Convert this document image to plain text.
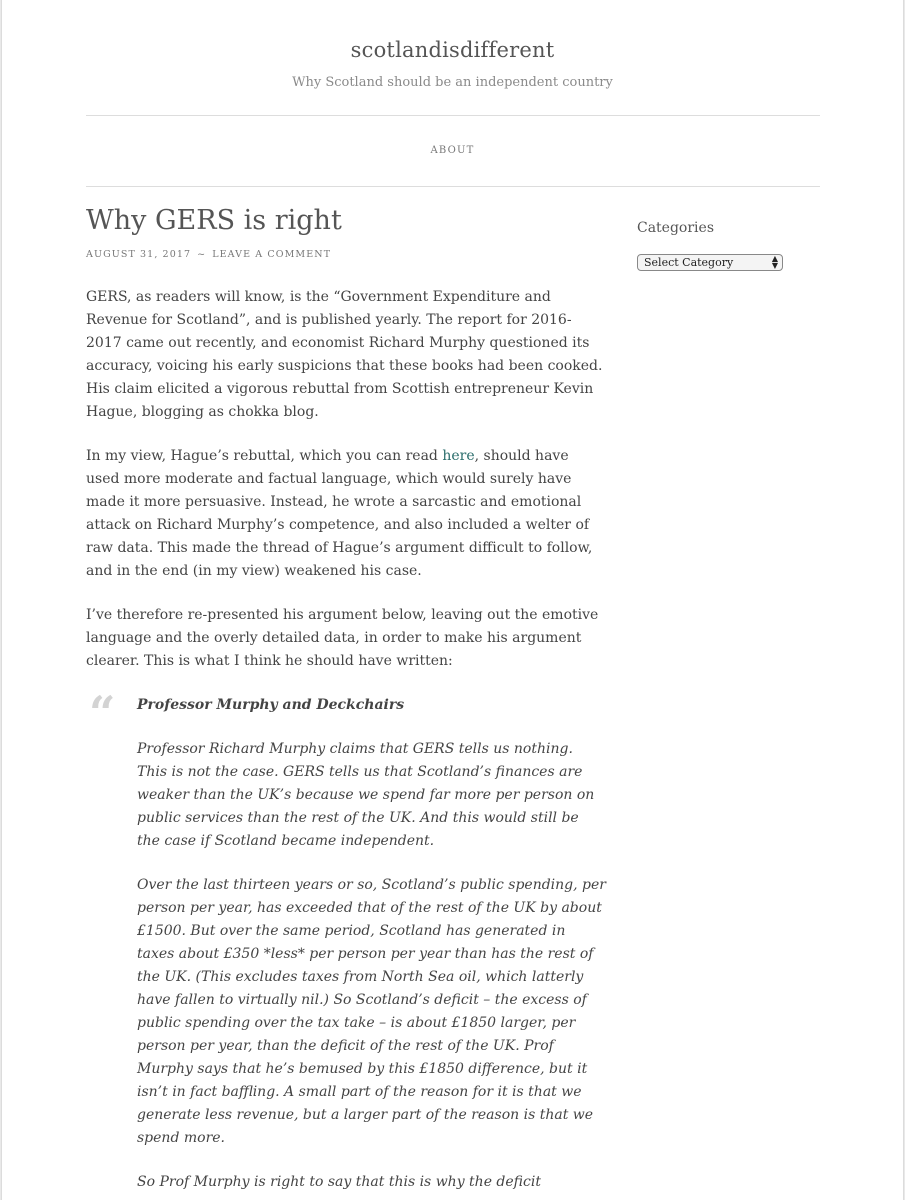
scotlandisdifferent

Why Scotland should be an independent country

ABOUT
Why GERS is right
AUGUST 31, 2017 ~ LEAVE A COMMENT

GERS, as readers will know, is the “Government Expenditure and Revenue for Scotland”, and is published yearly. The report for 2016-2017 came out recently, and economist Richard Murphy questioned its accuracy, voicing his early suspicions that these books had been cooked. His claim elicited a vigorous rebuttal from Scottish entrepreneur Kevin Hague, blogging as chokka blog.

In my view, Hague’s rebuttal, which you can read here, should have used more moderate and factual language, which would surely have made it more persuasive. Instead, he wrote a sarcastic and emotional attack on Richard Murphy’s competence, and also included a welter of raw data. This made the thread of Hague’s argument difficult to follow, and in the end (in my view) weakened his case.

I’ve therefore re-presented his argument below, leaving out the emotive language and the overly detailed data, in order to make his argument clearer. This is what I think he should have written:

“ Professor Murphy and Deckchairs

Professor Richard Murphy claims that GERS tells us nothing. This is not the case. GERS tells us that Scotland’s finances are weaker than the UK’s because we spend far more per person on public services than the rest of the UK. And this would still be the case if Scotland became independent.

Over the last thirteen years or so, Scotland’s public spending, per person per year, has exceeded that of the rest of the UK by about £1500. But over the same period, Scotland has generated in taxes about £350 *less* per person per year than has the rest of the UK. (This excludes taxes from North Sea oil, which latterly have fallen to virtually nil.) So Scotland’s deficit – the excess of public spending over the tax take – is about £1850 larger, per person per year, than the deficit of the rest of the UK. Prof Murphy says that he’s bemused by this £1850 difference, but it isn’t in fact baffling. A small part of the reason for it is that we generate less revenue, but a larger part of the reason is that we spend more.

So Prof Murphy is right to say that this is why the deficit

Categories
Select Category	▲
▼
